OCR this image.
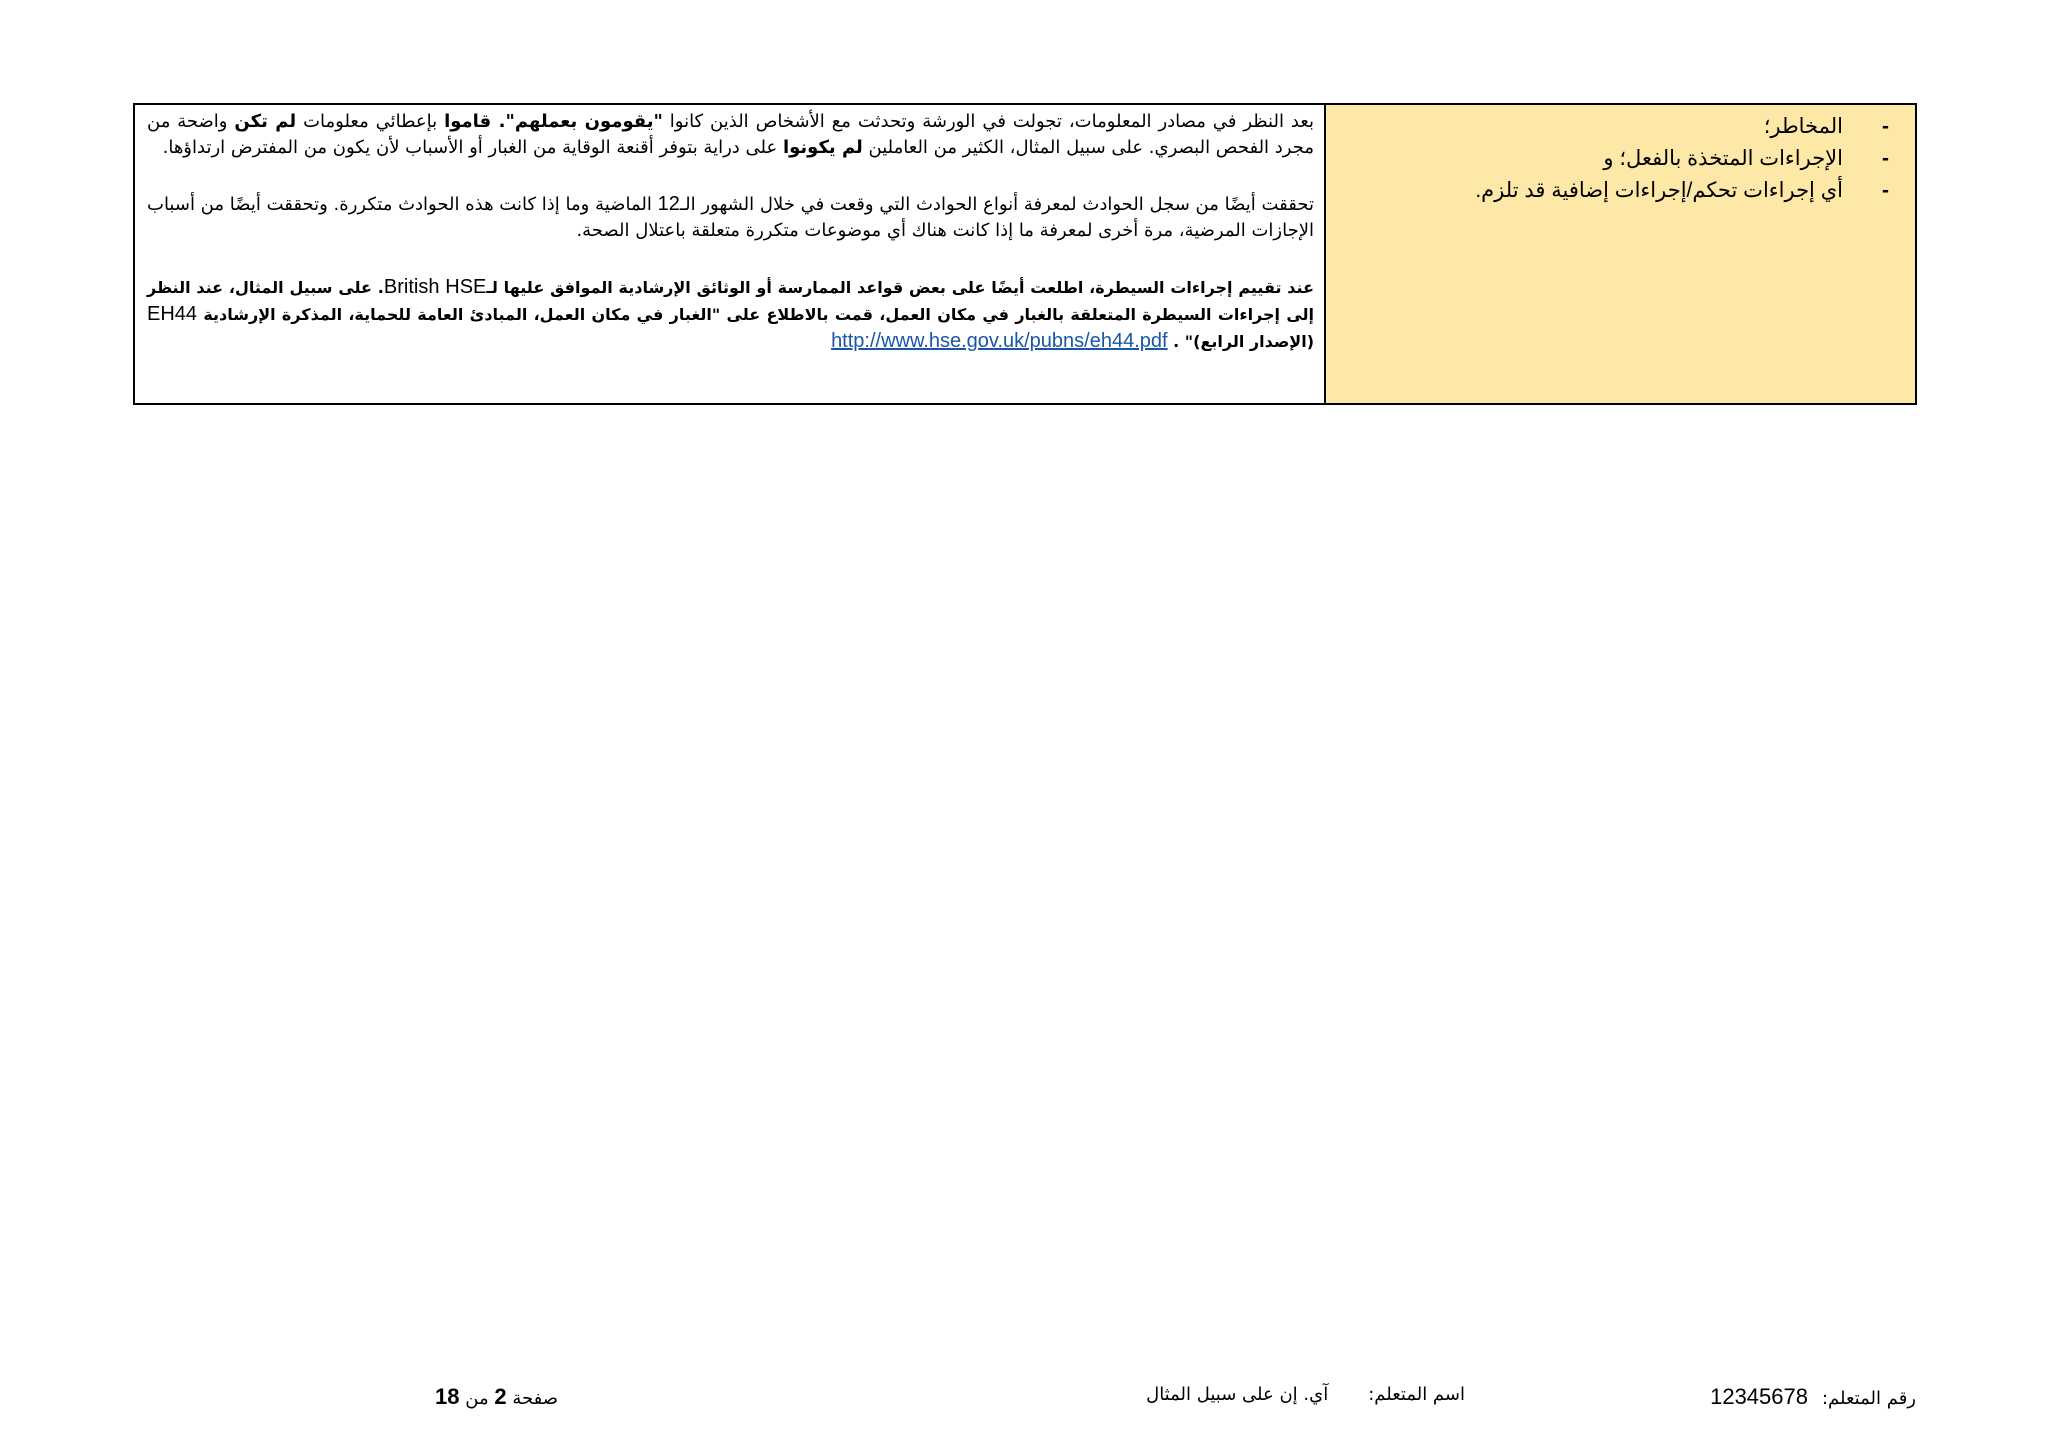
-
المخاطر؛
-
الإجراءات المتخذة بالفعل؛ و
-
أي إجراءات تحكم/إجراءات إضافية قد تلزم.

بعد النظر في مصادر المعلومات، تجولت في الورشة وتحدثت مع الأشخاص الذين كانوا "يقومون بعملهم". قاموا بإعطائي معلومات لم تكن واضحة من مجرد الفحص البصري. على سبيل المثال، الكثير من العاملين لم يكونوا على دراية بتوفر أقنعة الوقاية من الغبار أو الأسباب لأن يكون من المفترض ارتداؤها.

تحققت أيضًا من سجل الحوادث لمعرفة أنواع الحوادث التي وقعت في خلال الشهور الـ12 الماضية وما إذا كانت هذه الحوادث متكررة. وتحققت أيضًا من أسباب الإجازات المرضية، مرة أخرى لمعرفة ما إذا كانت هناك أي موضوعات متكررة متعلقة باعتلال الصحة.

عند تقييم إجراءات السيطرة، اطلعت أيضًا على بعض قواعد الممارسة أو الوثائق الإرشادية الموافق عليها لـBritish HSE. على سبيل المثال، عند النظر إلى إجراءات السيطرة المتعلقة بالغبار في مكان العمل، قمت بالاطلاع على "الغبار في مكان العمل، المبادئ العامة للحماية، المذكرة الإرشادية EH44 (الإصدار الرابع)" . http://www.hse.gov.uk/pubns/eh44.pdf

رقم المتعلم:12345678
اسم المتعلم:آي. إن على سبيل المثال
صفحة 2 من 18
